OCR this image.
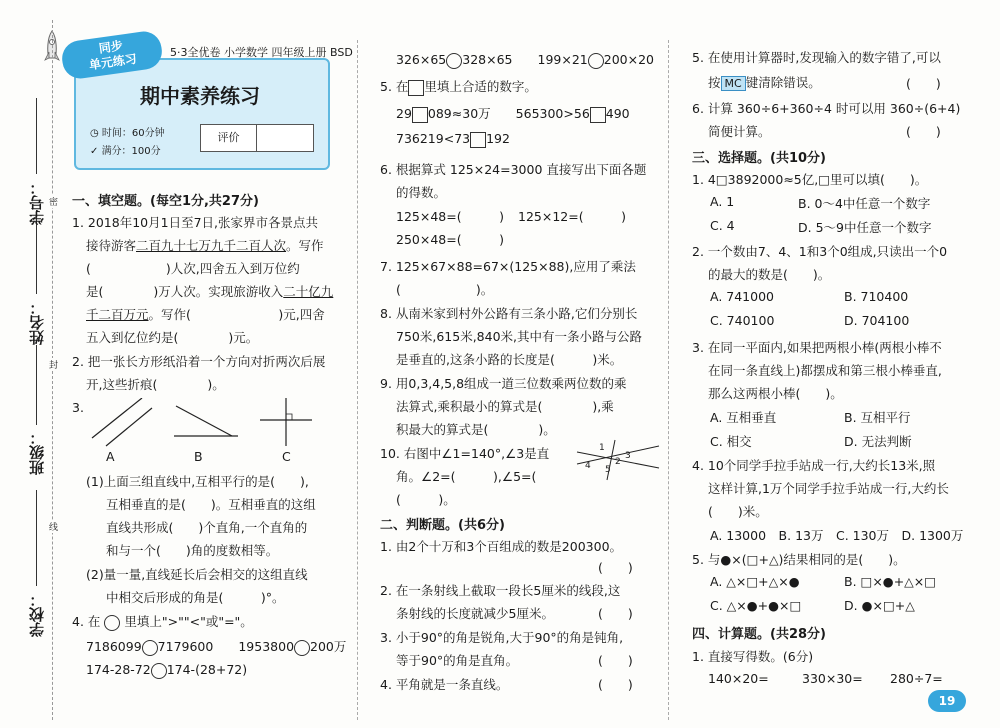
学校：
班级：
姓名：
学号： 密
封
线
同步
单元练习	5·3全优卷 小学数学 四年级上册 BSD
期中素养练习
◷ 时间：60分钟
✓ 满分：100分
评价
一、填空题。(每空1分,共27分)
1. 2018年10月1日至7日,张家界市各景点共
接待游客二百九十七万九千二百人次。写作
(　　　　　　)人次,四舍五入到万位约
是(　　　　)万人次。实现旅游收入二十亿九
千二百万元。写作(　　　　　　　)元,四舍
五入到亿位约是(　　　　)元。
2. 把一张长方形纸沿着一个方向对折两次后展
开,这些折痕(　　　　)。
3.
A	B	C
(1)上面三组直线中,互相平行的是(　　),
互相垂直的是(　　)。互相垂直的这组
直线共形成(　　)个直角,一个直角的
和与一个(　　)角的度数相等。
(2)量一量,直线延长后会相交的这组直线
中相交后形成的角是(　　　)°。
4. 在 里填上">""<"或"="。
7186099 7179600　　 1953800 200万
174-28-72 174-(28+72)
326×65 328×65　　 199×21 200×20
5. 在 里填上合适的数字。
29 089≈30万　　 565300>56 490
736219<73 192
6. 根据算式 125×24=3000 直接写出下面各题
的得数。
125×48=(　　　) 125×12=(　　　)
250×48=(　　　)
7. 125×67×88=67×(125×88),应用了乘法
(　　　　　　)。
8. 从南米家到村外公路有三条小路,它们分别长
750米,615米,840米,其中有一条小路与公路
是垂直的,这条小路的长度是(　　　)米。
9. 用0,3,4,5,8组成一道三位数乘两位数的乘
法算式,乘积最小的算式是(　　　　),乘
积最大的算式是(　　　　)。
10. 右图中∠1=140°,∠3是直
角。∠2=(　　　),∠5=(　　
(　　　)。
1
2
3
4 5
二、判断题。(共6分)
1. 由2个十万和3个百组成的数是200300。
(　　)
2. 在一条射线上截取一段长5厘米的线段,这
条射线的长度就减少5厘米。	(　　)
3. 小于90°的角是锐角,大于90°的角是钝角,
等于90°的角是直角。	(　　)
4. 平角就是一条直线。	(　　)
5. 在使用计算器时,发现输入的数字错了,可以
按 MC 键清除错误。	(　　)
6. 计算 360÷6+360÷4 时可以用 360÷(6+4)
简便计算。	(　　)
三、选择题。(共10分)
1. 4□3892000≈5亿,□里可以填(　　)。
A. 1	B. 0～4中任意一个数字
C. 4	D. 5～9中任意一个数字
2. 一个数由7、4、1和3个0组成,只读出一个0
的最大的数是(　　)。
A. 741000	B. 710400
C. 740100	D. 704100
3. 在同一平面内,如果把两根小棒(两根小棒不
在同一条直线上)都摆成和第三根小棒垂直,
那么这两根小棒(　　)。
A. 互相垂直	B. 互相平行
C. 相交	D. 无法判断
4. 10个同学手拉手站成一行,大约长13米,照
这样计算,1万个同学手拉手站成一行,大约长
(　　)米。
A. 13000　B. 13万　C. 130万　D. 1300万
5. 与●×(□+△)结果相同的是(　　)。
A. △×□+△×●	B. □×●+△×□
C. △×●+●×□	D. ●×□+△
四、计算题。(共28分)
1. 直接写得数。(6分)
140×20=	330×30= 280÷7=
19
